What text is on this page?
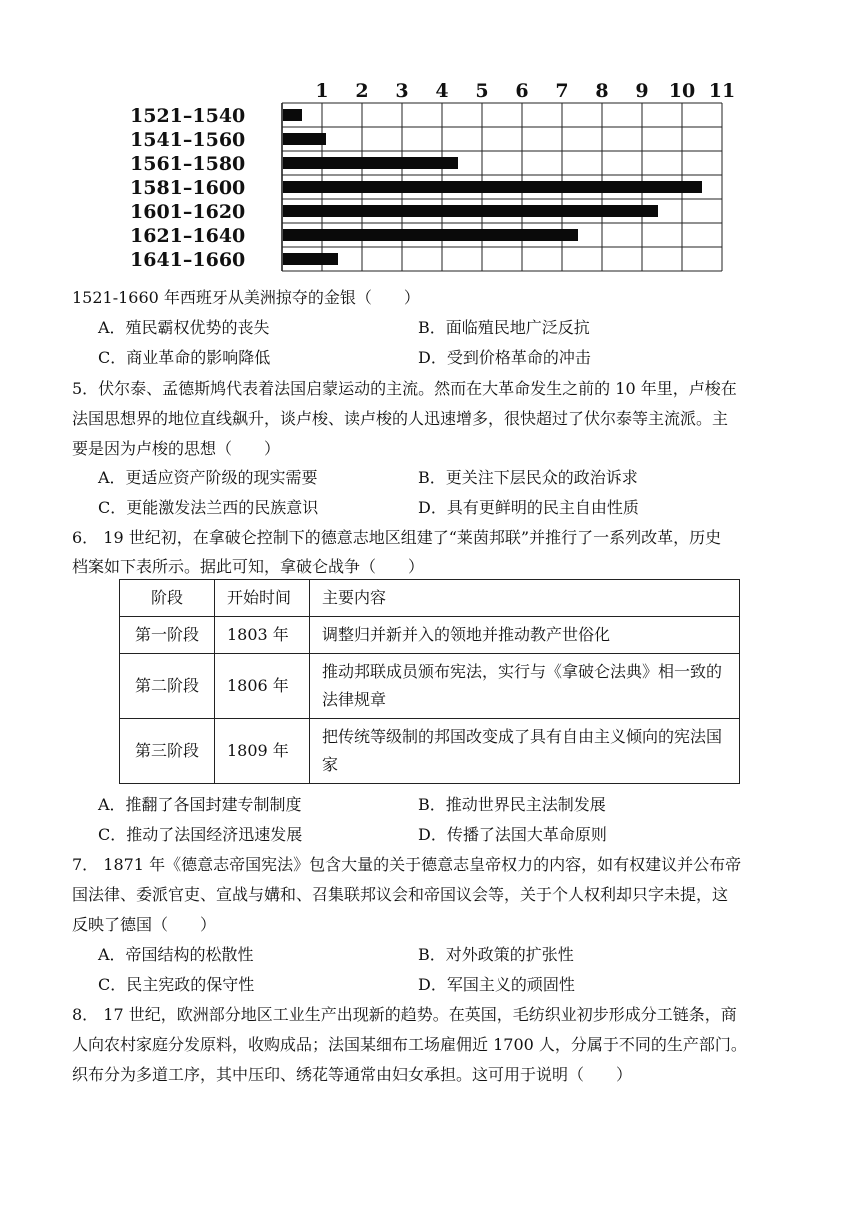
1 2 3 4 5 6 7 8 9 10 11
1521–1540
1541–1560
1561–1580
1581–1600
1601–1620
1621–1640
1641–1660
1521-1660 年西班牙从美洲掠夺的金银（　　）
A．殖民霸权优势的丧失	B．面临殖民地广泛反抗
C．商业革命的影响降低	D．受到价格革命的冲击
5．伏尔泰、孟德斯鸠代表着法国启蒙运动的主流。然而在大革命发生之前的 10 年里，卢梭在
法国思想界的地位直线飙升，谈卢梭、读卢梭的人迅速增多，很快超过了伏尔泰等主流派。主
要是因为卢梭的思想（　　）
A．更适应资产阶级的现实需要	B．更关注下层民众的政治诉求
C．更能激发法兰西的民族意识	D．具有更鲜明的民主自由性质
6． 19 世纪初，在拿破仑控制下的德意志地区组建了“莱茵邦联”并推行了一系列改革，历史
档案如下表所示。据此可知，拿破仑战争（　　）
阶段	开始时间	主要内容
第一阶段	1803 年	调整归并新并入的领地并推动教产世俗化
第二阶段	1806 年	推动邦联成员颁布宪法，实行与《拿破仑法典》相一致的法律规章
第三阶段	1809 年	把传统等级制的邦国改变成了具有自由主义倾向的宪法国家
A．推翻了各国封建专制制度	B．推动世界民主法制发展
C．推动了法国经济迅速发展	D．传播了法国大革命原则
7． 1871 年《德意志帝国宪法》包含大量的关于德意志皇帝权力的内容，如有权建议并公布帝
国法律、委派官吏、宣战与媾和、召集联邦议会和帝国议会等，关于个人权利却只字未提，这
反映了德国（　　）
A．帝国结构的松散性	B．对外政策的扩张性
C．民主宪政的保守性	D．军国主义的顽固性
8． 17 世纪，欧洲部分地区工业生产出现新的趋势。在英国，毛纺织业初步形成分工链条，商
人向农村家庭分发原料，收购成品；法国某细布工场雇佣近 1700 人，分属于不同的生产部门。
织布分为多道工序，其中压印、绣花等通常由妇女承担。这可用于说明（　　）
